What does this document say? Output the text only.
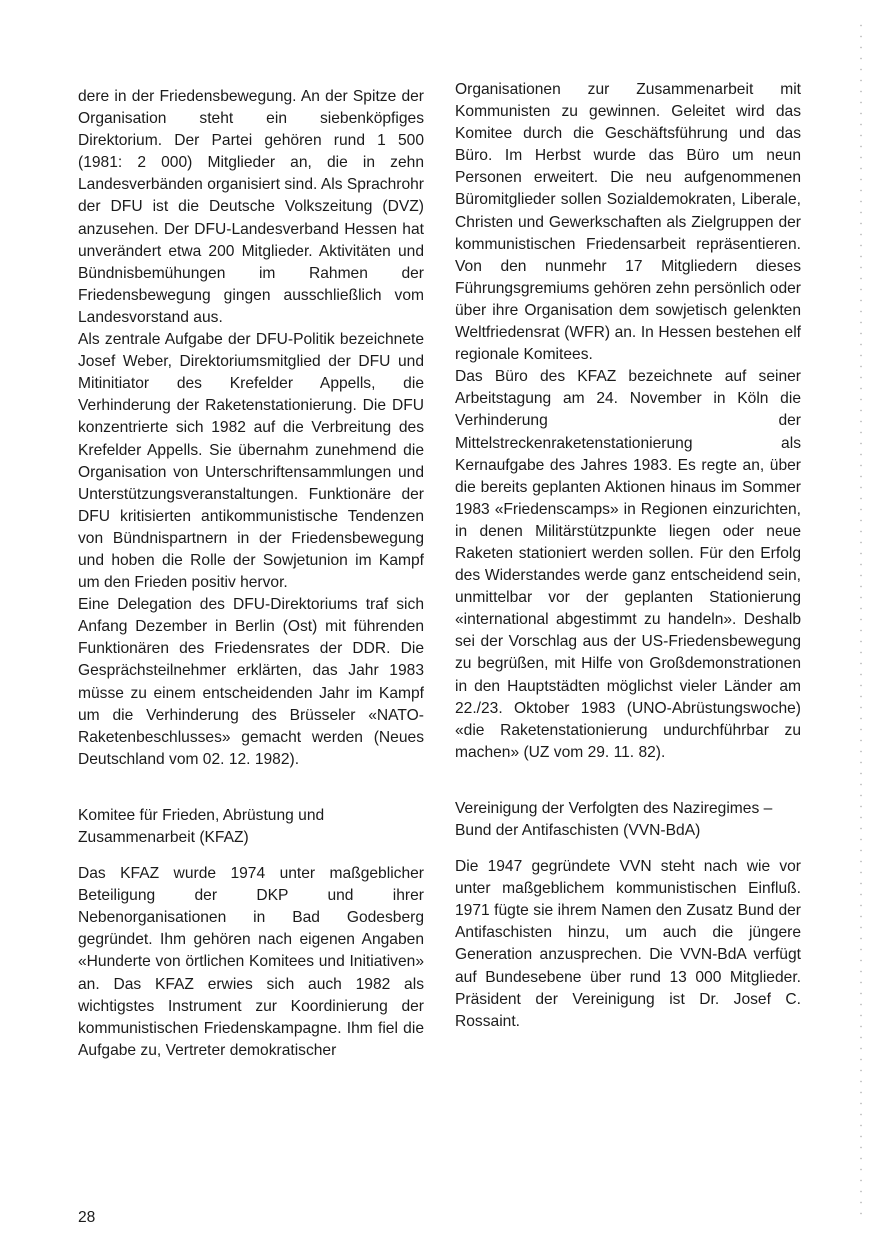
dere in der Friedensbewegung. An der Spitze der Organisation steht ein siebenköpfiges Direktorium. Der Partei gehören rund 1 500 (1981: 2 000) Mitglieder an, die in zehn Landesverbänden organisiert sind. Als Sprachrohr der DFU ist die Deutsche Volkszeitung (DVZ) anzusehen. Der DFU-Landesverband Hessen hat unverändert etwa 200 Mitglieder. Aktivitäten und Bündnisbemühungen im Rahmen der Friedensbewegung gingen ausschließlich vom Landesvorstand aus.

Als zentrale Aufgabe der DFU-Politik bezeichnete Josef Weber, Direktoriumsmitglied der DFU und Mitinitiator des Krefelder Appells, die Verhinderung der Raketenstationierung. Die DFU konzentrierte sich 1982 auf die Verbreitung des Krefelder Appells. Sie übernahm zunehmend die Organisation von Unterschriftensammlungen und Unterstützungsveranstaltungen. Funktionäre der DFU kritisierten antikommunistische Tendenzen von Bündnispartnern in der Friedensbewegung und hoben die Rolle der Sowjetunion im Kampf um den Frieden positiv hervor.

Eine Delegation des DFU-Direktoriums traf sich Anfang Dezember in Berlin (Ost) mit führenden Funktionären des Friedensrates der DDR. Die Gesprächsteilnehmer erklärten, das Jahr 1983 müsse zu einem entscheidenden Jahr im Kampf um die Verhinderung des Brüsseler «NATO-Raketenbeschlusses» gemacht werden (Neues Deutschland vom 02. 12. 1982).

Komitee für Frieden, Abrüstung und Zusammenarbeit (KFAZ)

Das KFAZ wurde 1974 unter maßgeblicher Beteiligung der DKP und ihrer Nebenorganisationen in Bad Godesberg gegründet. Ihm gehören nach eigenen Angaben «Hunderte von örtlichen Komitees und Initiativen» an. Das KFAZ erwies sich auch 1982 als wichtigstes Instrument zur Koordinierung der kommunistischen Friedenskampagne. Ihm fiel die Aufgabe zu, Vertreter demokratischer

Organisationen zur Zusammenarbeit mit Kommunisten zu gewinnen. Geleitet wird das Komitee durch die Geschäftsführung und das Büro. Im Herbst wurde das Büro um neun Personen erweitert. Die neu aufgenommenen Büromitglieder sollen Sozialdemokraten, Liberale, Christen und Gewerkschaften als Zielgruppen der kommunistischen Friedensarbeit repräsentieren. Von den nunmehr 17 Mitgliedern dieses Führungsgremiums gehören zehn persönlich oder über ihre Organisation dem sowjetisch gelenkten Weltfriedensrat (WFR) an. In Hessen bestehen elf regionale Komitees.

Das Büro des KFAZ bezeichnete auf seiner Arbeitstagung am 24. November in Köln die Verhinderung der Mittelstreckenraketenstationierung als Kernaufgabe des Jahres 1983. Es regte an, über die bereits geplanten Aktionen hinaus im Sommer 1983 «Friedenscamps» in Regionen einzurichten, in denen Militärstützpunkte liegen oder neue Raketen stationiert werden sollen. Für den Erfolg des Widerstandes werde ganz entscheidend sein, unmittelbar vor der geplanten Stationierung «international abgestimmt zu handeln». Deshalb sei der Vorschlag aus der US-Friedensbewegung zu begrüßen, mit Hilfe von Großdemonstrationen in den Hauptstädten möglichst vieler Länder am 22./23. Oktober 1983 (UNO-Abrüstungswoche) «die Raketenstationierung undurchführbar zu machen» (UZ vom 29. 11. 82).

Vereinigung der Verfolgten des Naziregimes – Bund der Antifaschisten (VVN-BdA)

Die 1947 gegründete VVN steht nach wie vor unter maßgeblichem kommunistischen Einfluß. 1971 fügte sie ihrem Namen den Zusatz Bund der Antifaschisten hinzu, um auch die jüngere Generation anzusprechen. Die VVN-BdA verfügt auf Bundesebene über rund 13 000 Mitglieder. Präsident der Vereinigung ist Dr. Josef C. Rossaint.

28
